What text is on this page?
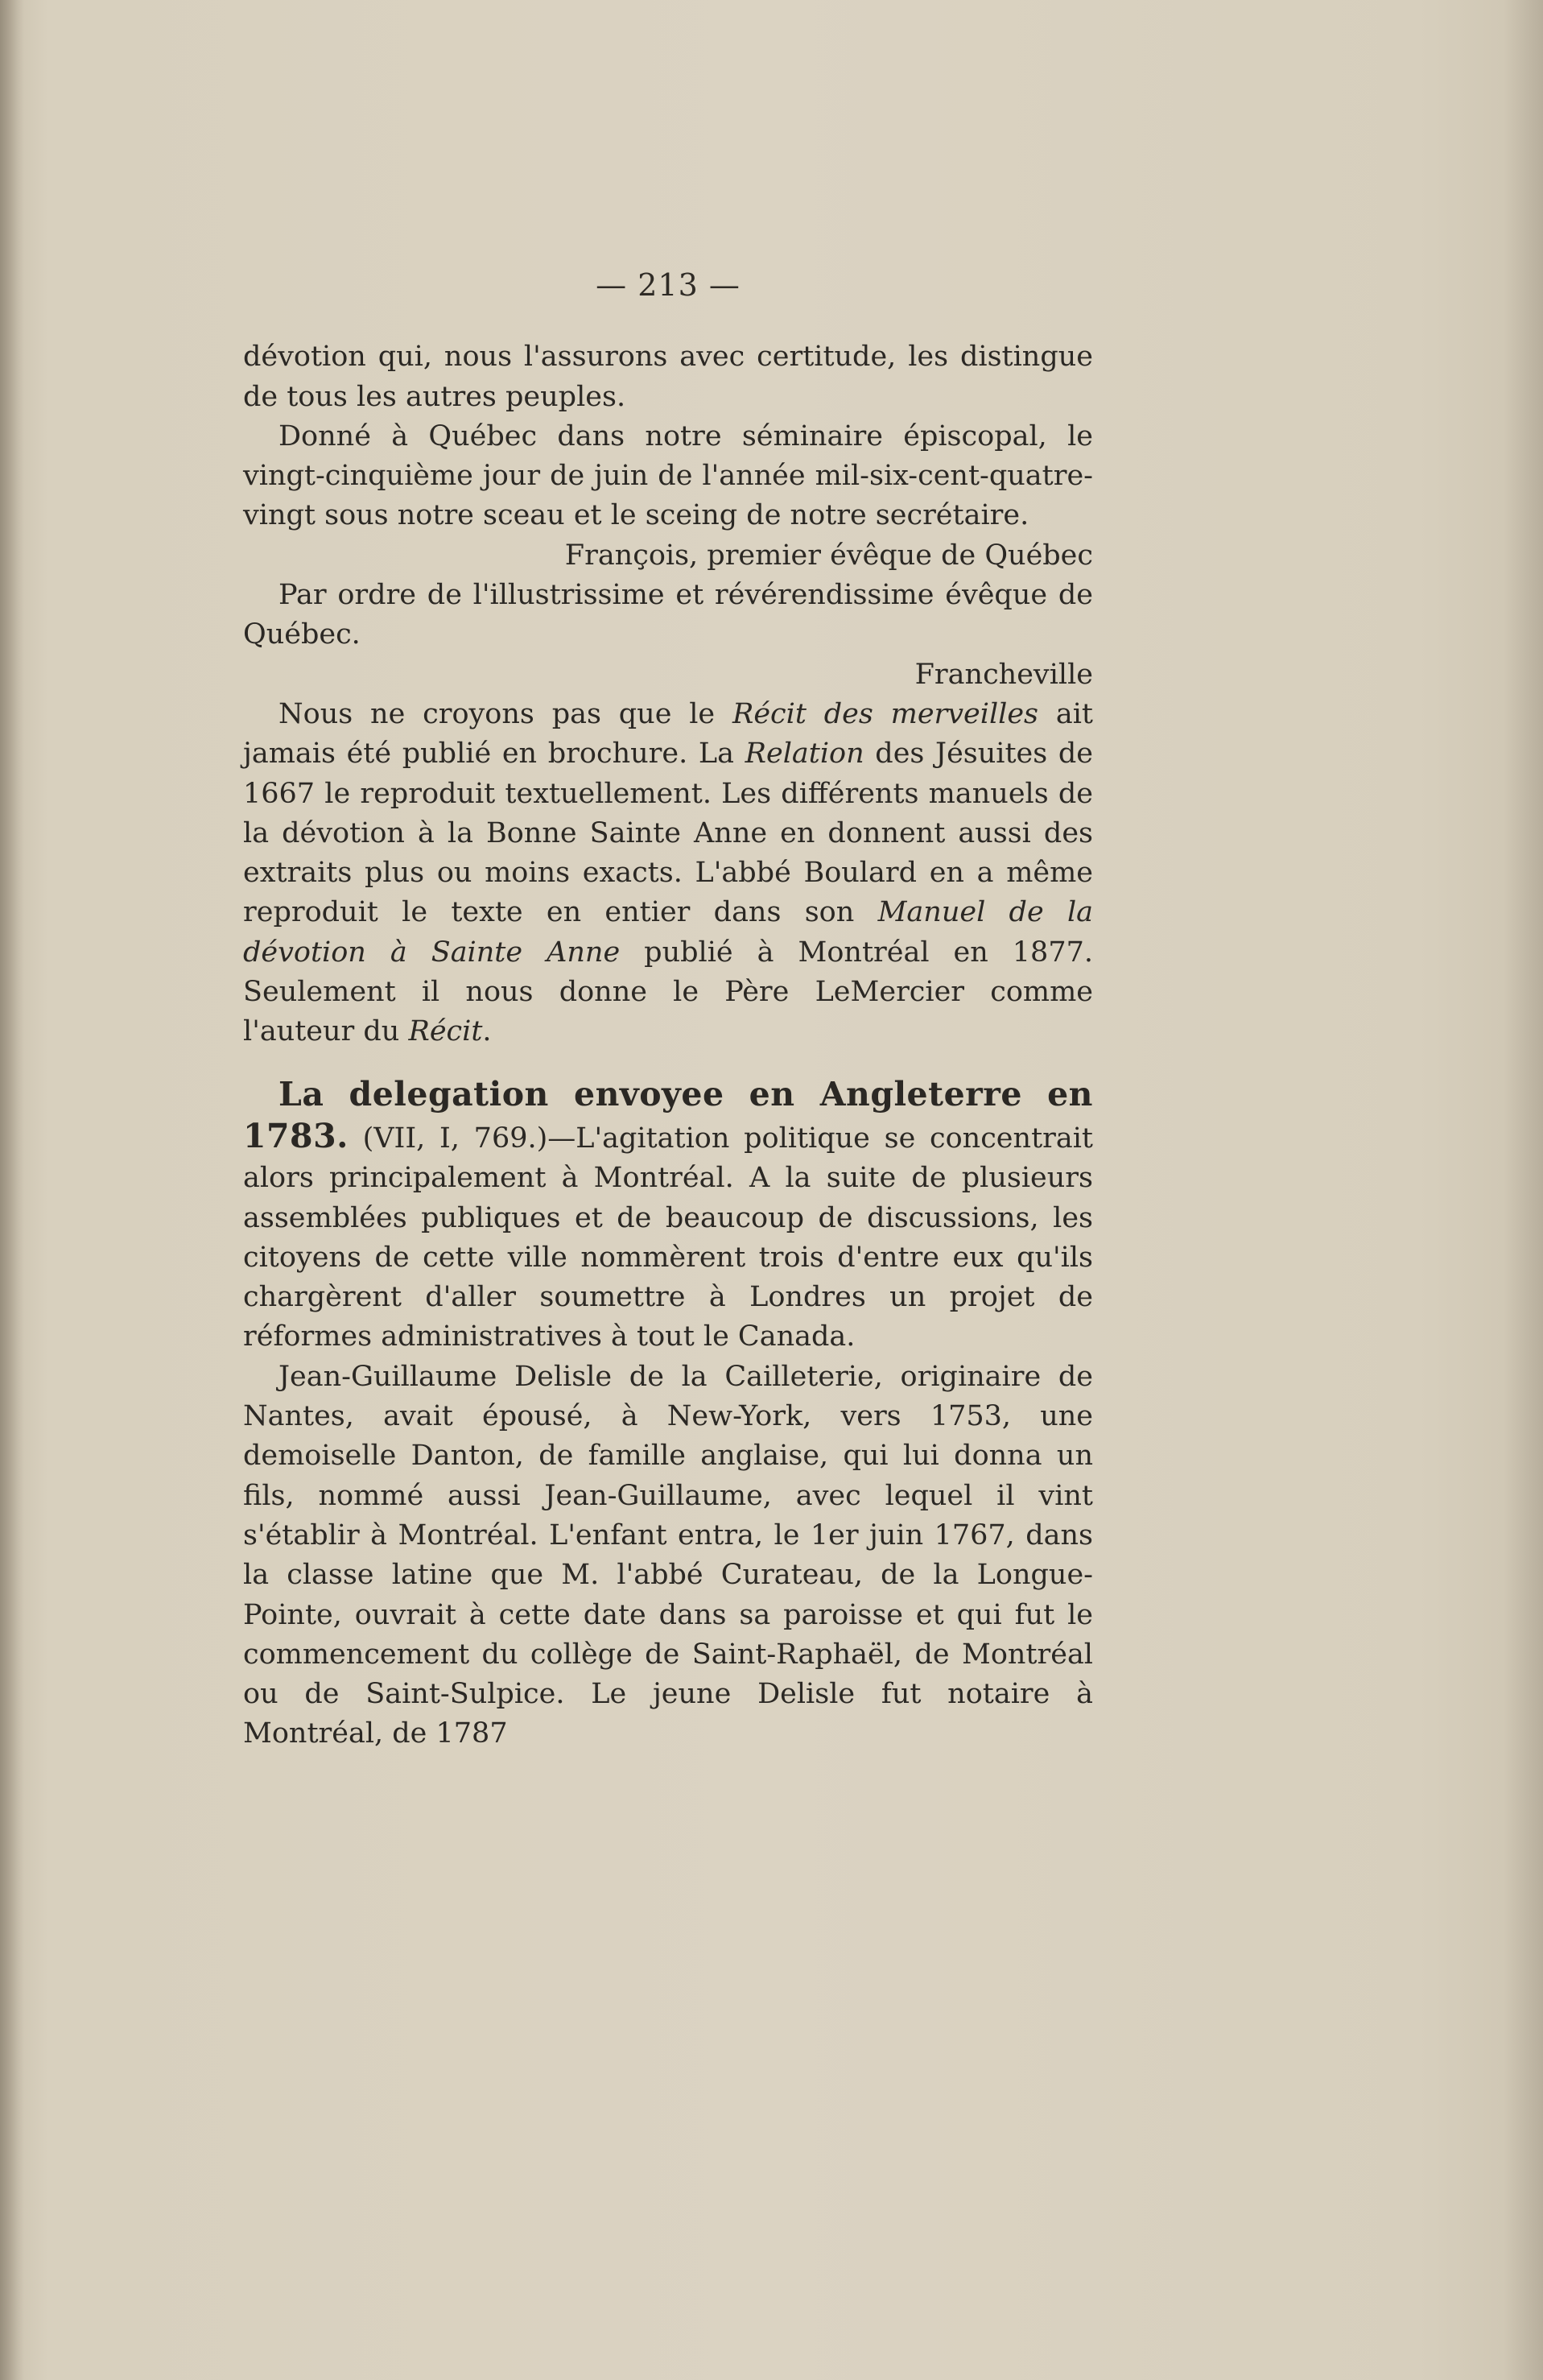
— 213 —

dévotion qui, nous l'assurons avec certitude, les distingue de tous les autres peuples.

Donné à Québec dans notre séminaire épiscopal, le vingt-cinquième jour de juin de l'année mil-six-cent-quatre-vingt sous notre sceau et le sceing de notre secrétaire.

François, premier évêque de Québec

Par ordre de l'illustrissime et révérendissime évêque de Québec.

Francheville

Nous ne croyons pas que le Récit des merveilles ait jamais été publié en brochure. La Relation des Jésuites de 1667 le reproduit textuellement. Les différents manuels de la dévotion à la Bonne Sainte Anne en donnent aussi des extraits plus ou moins exacts. L'abbé Boulard en a même reproduit le texte en entier dans son Manuel de la dévotion à Sainte Anne publié à Montréal en 1877. Seulement il nous donne le Père LeMercier comme l'auteur du Récit.

La delegation envoyee en Angleterre en 1783. (VII, I, 769.)—L'agitation politique se concentrait alors principalement à Montréal. A la suite de plusieurs assemblées publiques et de beaucoup de discussions, les citoyens de cette ville nommèrent trois d'entre eux qu'ils chargèrent d'aller soumettre à Londres un projet de réformes administratives à tout le Canada.

Jean-Guillaume Delisle de la Cailleterie, originaire de Nantes, avait épousé, à New-York, vers 1753, une demoiselle Danton, de famille anglaise, qui lui donna un fils, nommé aussi Jean-Guillaume, avec lequel il vint s'établir à Montréal. L'enfant entra, le 1er juin 1767, dans la classe latine que M. l'abbé Curateau, de la Longue-Pointe, ouvrait à cette date dans sa paroisse et qui fut le commencement du collège de Saint-Raphaël, de Montréal ou de Saint-Sulpice. Le jeune Delisle fut notaire à Montréal, de 1787
